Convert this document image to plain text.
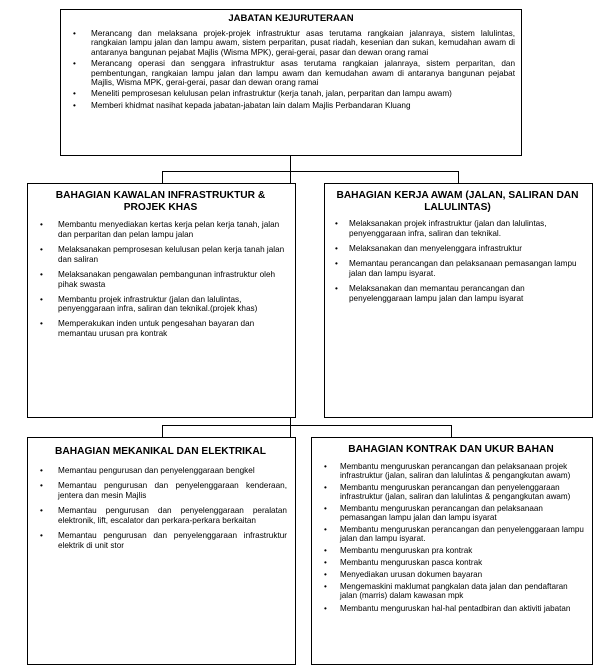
JABATAN KEJURUTERAAN
• Merancang dan melaksana projek-projek infrastruktur asas terutama rangkaian jalanraya, sistem lalulintas, rangkaian lampu jalan dan lampu awam, sistem perparitan, pusat riadah, kesenian dan sukan, kemudahan awam di antaranya bangunan pejabat Majlis (Wisma MPK), gerai-gerai, pasar dan dewan orang ramai
• Merancang operasi dan senggara infrastruktur asas terutama rangkaian jalanraya, sistem perparitan, dan pembentungan, rangkaian lampu jalan dan lampu awam dan kemudahan awam di antaranya bangunan pejabat Majlis, Wisma MPK, gerai-gerai, pasar dan dewan orang ramai
• Meneliti pemprosesan kelulusan pelan infrastruktur (kerja tanah, jalan, perparitan dan lampu awam)
• Memberi khidmat nasihat kepada jabatan-jabatan lain dalam Majlis Perbandaran Kluang
BAHAGIAN KAWALAN INFRASTRUKTUR & PROJEK KHAS
• Membantu menyediakan kertas kerja pelan kerja tanah, jalan dan perparitan dan pelan lampu jalan
• Melaksanakan pemprosesan kelulusan pelan kerja tanah jalan dan saliran
• Melaksanakan pengawalan pembangunan infrastruktur oleh pihak swasta
• Membantu projek infrastruktur (jalan dan lalulintas, penyenggaraan infra, saliran dan teknikal.(projek khas)
• Memperakukan inden untuk pengesahan bayaran dan memantau urusan pra kontrak
BAHAGIAN KERJA AWAM (JALAN, SALIRAN DAN LALULINTAS)
• Melaksanakan projek infrastruktur (jalan dan lalulintas, penyenggaraan infra, saliran dan teknikal.
• Melaksanakan dan menyelenggara infrastruktur
• Memantau perancangan dan pelaksanaan pemasangan lampu jalan dan lampu isyarat.
• Melaksanakan dan memantau perancangan dan penyelenggaraan lampu jalan dan lampu isyarat
BAHAGIAN MEKANIKAL DAN ELEKTRIKAL
• Memantau pengurusan dan penyelenggaraan bengkel
• Memantau pengurusan dan penyelenggaraan kenderaan, jentera dan mesin Majlis
• Memantau pengurusan dan penyelenggaraan peralatan elektronik, lift, escalator dan perkara-perkara berkaitan
• Memantau pengurusan dan penyelenggaraan infrastruktur elektrik di unit stor
BAHAGIAN KONTRAK DAN UKUR BAHAN
• Membantu menguruskan perancangan dan pelaksanaan projek infrastruktur (jalan, saliran dan lalulintas & pengangkutan awam)
• Membantu menguruskan perancangan dan penyelenggaraan infrastruktur (jalan, saliran dan lalulintas & pengangkutan awam)
• Membantu menguruskan perancangan dan pelaksanaan pemasangan lampu jalan dan lampu isyarat
• Membantu menguruskan perancangan dan penyelenggaraan lampu jalan dan lampu isyarat.
• Membantu menguruskan pra kontrak
• Membantu menguruskan pasca kontrak
• Menyediakan urusan dokumen bayaran
• Mengemaskini maklumat pangkalan data jalan dan pendaftaran jalan (marris) dalam kawasan mpk
• Membantu menguruskan hal-hal pentadbiran dan aktiviti jabatan
